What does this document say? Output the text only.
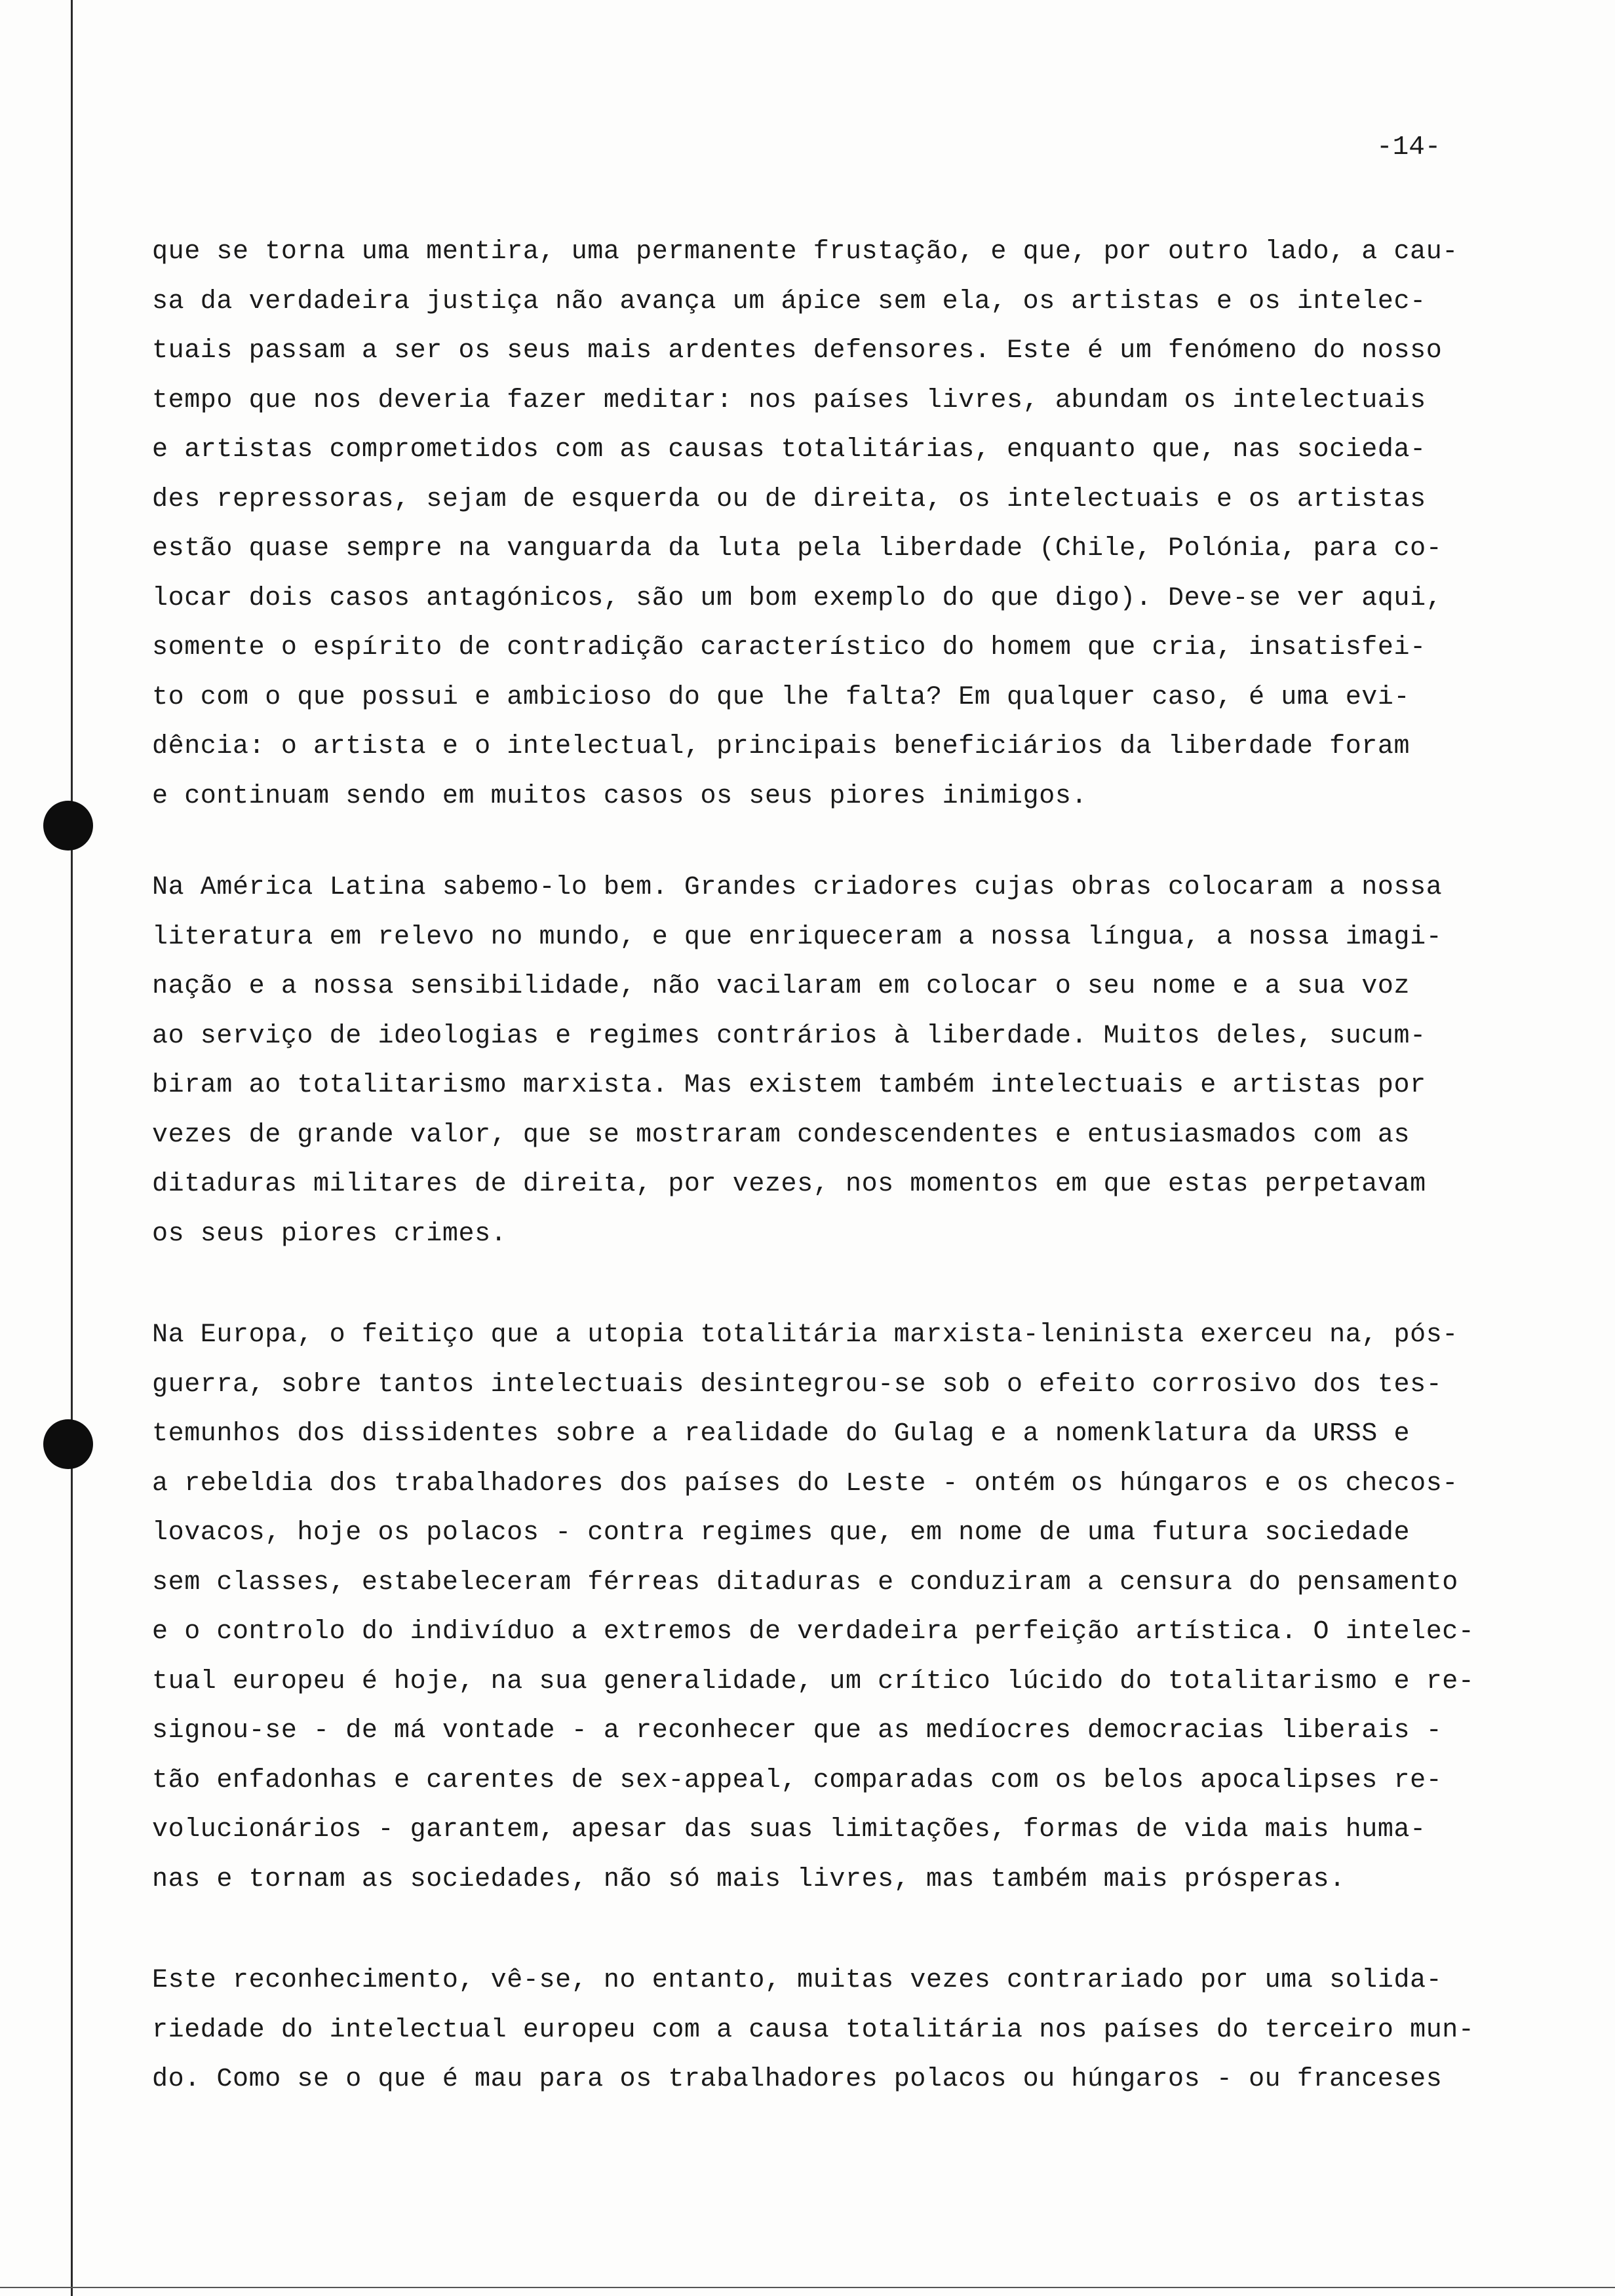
-14-
que se torna uma mentira, uma permanente frustação, e que, por outro lado, a cau-
sa da verdadeira justiça não avança um ápice sem ela, os artistas e os intelec-
tuais passam a ser os seus mais ardentes defensores. Este é um fenómeno do nosso
tempo que nos deveria fazer meditar: nos países livres, abundam os intelectuais
e artistas comprometidos com as causas totalitárias, enquanto que, nas socieda-
des repressoras, sejam de esquerda ou de direita, os intelectuais e os artistas
estão quase sempre na vanguarda da luta pela liberdade (Chile, Polónia, para co-
locar dois casos antagónicos, são um bom exemplo do que digo). Deve-se ver aqui,
somente o espírito de contradição característico do homem que cria, insatisfei-
to com o que possui e ambicioso do que lhe falta? Em qualquer caso, é uma evi-
dência: o artista e o intelectual, principais beneficiários da liberdade foram
e continuam sendo em muitos casos os seus piores inimigos.
Na América Latina sabemo-lo bem. Grandes criadores cujas obras colocaram a nossa
literatura em relevo no mundo, e que enriqueceram a nossa língua, a nossa imagi-
nação e a nossa sensibilidade, não vacilaram em colocar o seu nome e a sua voz
ao serviço de ideologias e regimes contrários à liberdade. Muitos deles, sucum-
biram ao totalitarismo marxista. Mas existem também intelectuais e artistas por
vezes de grande valor, que se mostraram condescendentes e entusiasmados com as
ditaduras militares de direita, por vezes, nos momentos em que estas perpetavam
os seus piores crimes.
Na Europa, o feitiço que a utopia totalitária marxista-leninista exerceu na, pós-
guerra, sobre tantos intelectuais desintegrou-se sob o efeito corrosivo dos tes-
temunhos dos dissidentes sobre a realidade do Gulag e a nomenklatura da URSS e
a rebeldia dos trabalhadores dos países do Leste - ontém os húngaros e os checos-
lovacos, hoje os polacos - contra regimes que, em nome de uma futura sociedade
sem classes, estabeleceram férreas ditaduras e conduziram a censura do pensamento
e o controlo do indivíduo a extremos de verdadeira perfeição artística. O intelec-
tual europeu é hoje, na sua generalidade, um crítico lúcido do totalitarismo e re-
signou-se - de má vontade - a reconhecer que as medíocres democracias liberais -
tão enfadonhas e carentes de sex-appeal, comparadas com os belos apocalipses re-
volucionários - garantem, apesar das suas limitações, formas de vida mais huma-
nas e tornam as sociedades, não só mais livres, mas também mais prósperas.
Este reconhecimento, vê-se, no entanto, muitas vezes contrariado por uma solida-
riedade do intelectual europeu com a causa totalitária nos países do terceiro mun-
do. Como se o que é mau para os trabalhadores polacos ou húngaros - ou franceses
